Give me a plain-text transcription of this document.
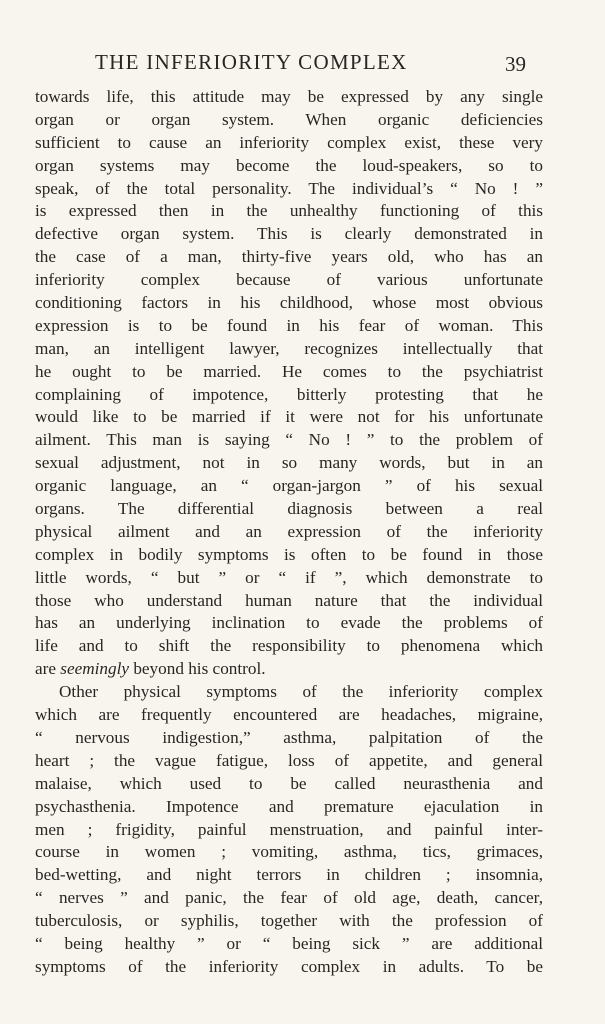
THE INFERIORITY COMPLEX	39
towards life, this attitude may be expressed by any single
organ or organ system. When organic deficiencies
sufficient to cause an inferiority complex exist, these very
organ systems may become the loud-speakers, so to
speak, of the total personality. The individual’s “ No ! ”
is expressed then in the unhealthy functioning of this
defective organ system. This is clearly demonstrated in
the case of a man, thirty-five years old, who has an
inferiority complex because of various unfortunate
conditioning factors in his childhood, whose most obvious
expression is to be found in his fear of woman. This
man, an intelligent lawyer, recognizes intellectually that
he ought to be married. He comes to the psychiatrist
complaining of impotence, bitterly protesting that he
would like to be married if it were not for his unfortunate
ailment. This man is saying “ No ! ” to the problem of
sexual adjustment, not in so many words, but in an
organic language, an “ organ-jargon ” of his sexual
organs. The differential diagnosis between a real
physical ailment and an expression of the inferiority
complex in bodily symptoms is often to be found in those
little words, “ but ” or “ if ”, which demonstrate to
those who understand human nature that the individual
has an underlying inclination to evade the problems of
life and to shift the responsibility to phenomena which
are seemingly beyond his control.
Other physical symptoms of the inferiority complex
which are frequently encountered are headaches, migraine,
“ nervous indigestion,” asthma, palpitation of the
heart ; the vague fatigue, loss of appetite, and general
malaise, which used to be called neurasthenia and
psychasthenia. Impotence and premature ejaculation in
men ; frigidity, painful menstruation, and painful inter-
course in women ; vomiting, asthma, tics, grimaces,
bed-wetting, and night terrors in children ; insomnia,
“ nerves ” and panic, the fear of old age, death, cancer,
tuberculosis, or syphilis, together with the profession of
“ being healthy ” or “ being sick ” are additional
symptoms of the inferiority complex in adults. To be
